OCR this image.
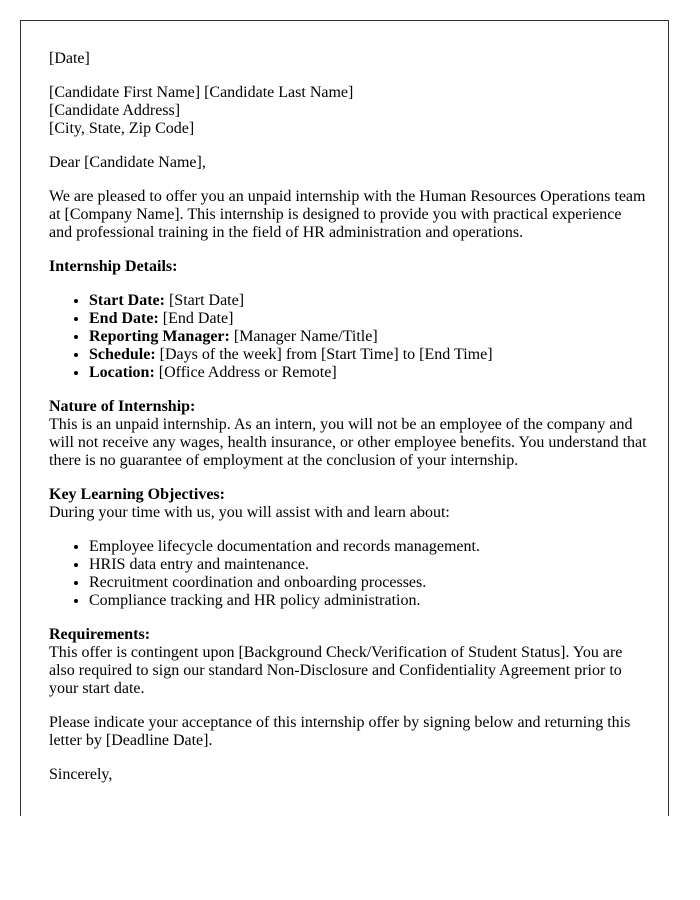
[Date]

[Candidate First Name] [Candidate Last Name]
[Candidate Address]
[City, State, Zip Code]

Dear [Candidate Name],

We are pleased to offer you an unpaid internship with the Human Resources Operations team at [Company Name]. This internship is designed to provide you with practical experience and professional training in the field of HR administration and operations.

Internship Details:

• Start Date: [Start Date]
• End Date: [End Date]
• Reporting Manager: [Manager Name/Title]
• Schedule: [Days of the week] from [Start Time] to [End Time]
• Location: [Office Address or Remote]

Nature of Internship:
This is an unpaid internship. As an intern, you will not be an employee of the company and will not receive any wages, health insurance, or other employee benefits. You understand that there is no guarantee of employment at the conclusion of your internship.

Key Learning Objectives:
During your time with us, you will assist with and learn about:

• Employee lifecycle documentation and records management.
• HRIS data entry and maintenance.
• Recruitment coordination and onboarding processes.
• Compliance tracking and HR policy administration.

Requirements:
This offer is contingent upon [Background Check/Verification of Student Status]. You are also required to sign our standard Non-Disclosure and Confidentiality Agreement prior to your start date.

Please indicate your acceptance of this internship offer by signing below and returning this letter by [Deadline Date].

Sincerely,
